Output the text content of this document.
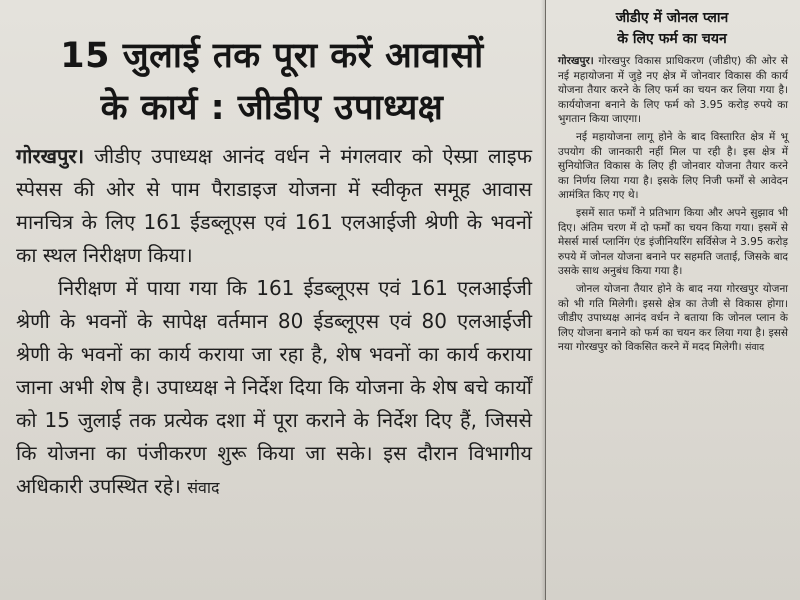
15 जुलाई तक पूरा करें आवासों
के कार्य : जीडीए उपाध्यक्ष

गोरखपुर। जीडीए उपाध्यक्ष आनंद वर्धन ने मंगलवार को ऐस्प्रा लाइफ स्पेसस की ओर से पाम पैराडाइज योजना में स्वीकृत समूह आवास मानचित्र के लिए 161 ईडब्लूएस एवं 161 एलआईजी श्रेणी के भवनों का स्थल निरीक्षण किया।

निरीक्षण में पाया गया कि 161 ईडब्लूएस एवं 161 एलआईजी श्रेणी के भवनों के सापेक्ष वर्तमान 80 ईडब्लूएस एवं 80 एलआईजी श्रेणी के भवनों का कार्य कराया जा रहा है, शेष भवनों का कार्य कराया जाना अभी शेष है। उपाध्यक्ष ने निर्देश दिया कि योजना के शेष बचे कार्यों को 15 जुलाई तक प्रत्येक दशा में पूरा कराने के निर्देश दिए हैं, जिससे कि योजना का पंजीकरण शुरू किया जा सके। इस दौरान विभागीय अधिकारी उपस्थित रहे। संवाद

जीडीए में जोनल प्लान
के लिए फर्म का चयन

गोरखपुर। गोरखपुर विकास प्राधिकरण (जीडीए) की ओर से नई महायोजना में जुड़े नए क्षेत्र में जोनवार विकास की कार्य योजना तैयार करने के लिए फर्म का चयन कर लिया गया है। कार्ययोजना बनाने के लिए फर्म को 3.95 करोड़ रुपये का भुगतान किया जाएगा।

नई महायोजना लागू होने के बाद विस्तारित क्षेत्र में भू उपयोग की जानकारी नहीं मिल पा रही है। इस क्षेत्र में सुनियोजित विकास के लिए ही जोनवार योजना तैयार करने का निर्णय लिया गया है। इसके लिए निजी फर्मों से आवेदन आमंत्रित किए गए थे।

इसमें सात फर्मों ने प्रतिभाग किया और अपने सुझाव भी दिए। अंतिम चरण में दो फर्मों का चयन किया गया। इसमें से मेसर्स मार्स प्लानिंग एंड इंजीनियरिंग सर्विसेज ने 3.95 करोड़ रुपये में जोनल योजना बनाने पर सहमति जताई, जिसके बाद उसके साथ अनुबंध किया गया है।

जोनल योजना तैयार होने के बाद नया गोरखपुर योजना को भी गति मिलेगी। इससे क्षेत्र का तेजी से विकास होगा। जीडीए उपाध्यक्ष आनंद वर्धन ने बताया कि जोनल प्लान के लिए योजना बनाने को फर्म का चयन कर लिया गया है। इससे नया गोरखपुर को विकसित करने में मदद मिलेगी। संवाद
